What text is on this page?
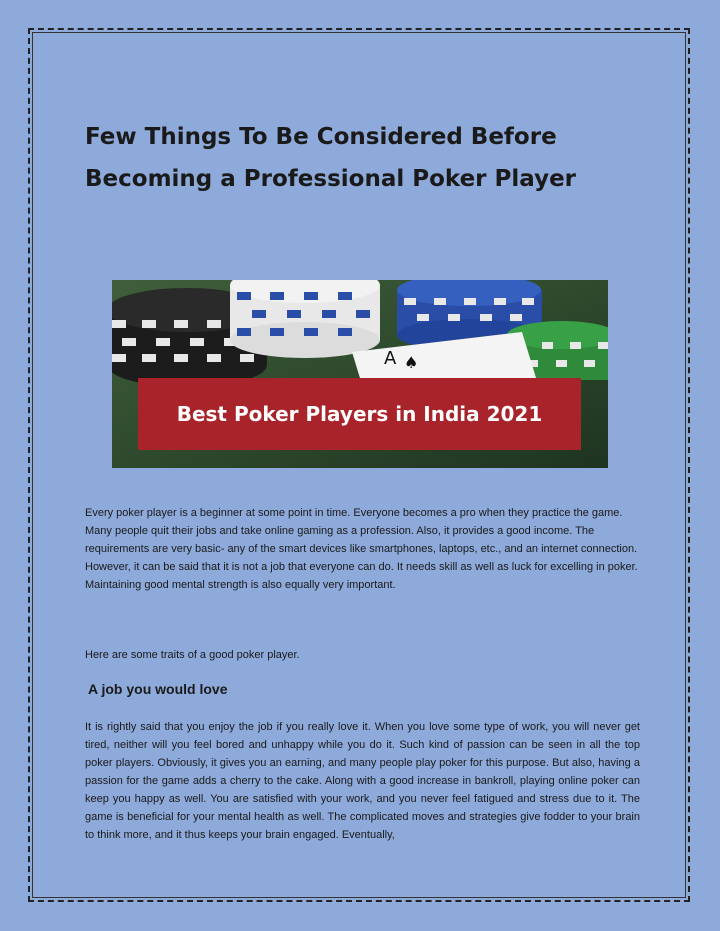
Few Things To Be Considered Before Becoming a Professional Poker Player
A ♠
Best Poker Players in India 2021

Every poker player is a beginner at some point in time. Everyone becomes a pro when they practice the game. Many people quit their jobs and take online gaming as a profession. Also, it provides a good income. The requirements are very basic- any of the smart devices like smartphones, laptops, etc., and an internet connection. However, it can be said that it is not a job that everyone can do. It needs skill as well as luck for excelling in poker. Maintaining good mental strength is also equally very important.

Here are some traits of a good poker player.

A job you would love

It is rightly said that you enjoy the job if you really love it. When you love some type of work, you will never get tired, neither will you feel bored and unhappy while you do it. Such kind of passion can be seen in all the top poker players. Obviously, it gives you an earning, and many people play poker for this purpose. But also, having a passion for the game adds a cherry to the cake. Along with a good increase in bankroll, playing online poker can keep you happy as well. You are satisfied with your work, and you never feel fatigued and stress due to it. The game is beneficial for your mental health as well. The complicated moves and strategies give fodder to your brain to think more, and it thus keeps your brain engaged. Eventually,
